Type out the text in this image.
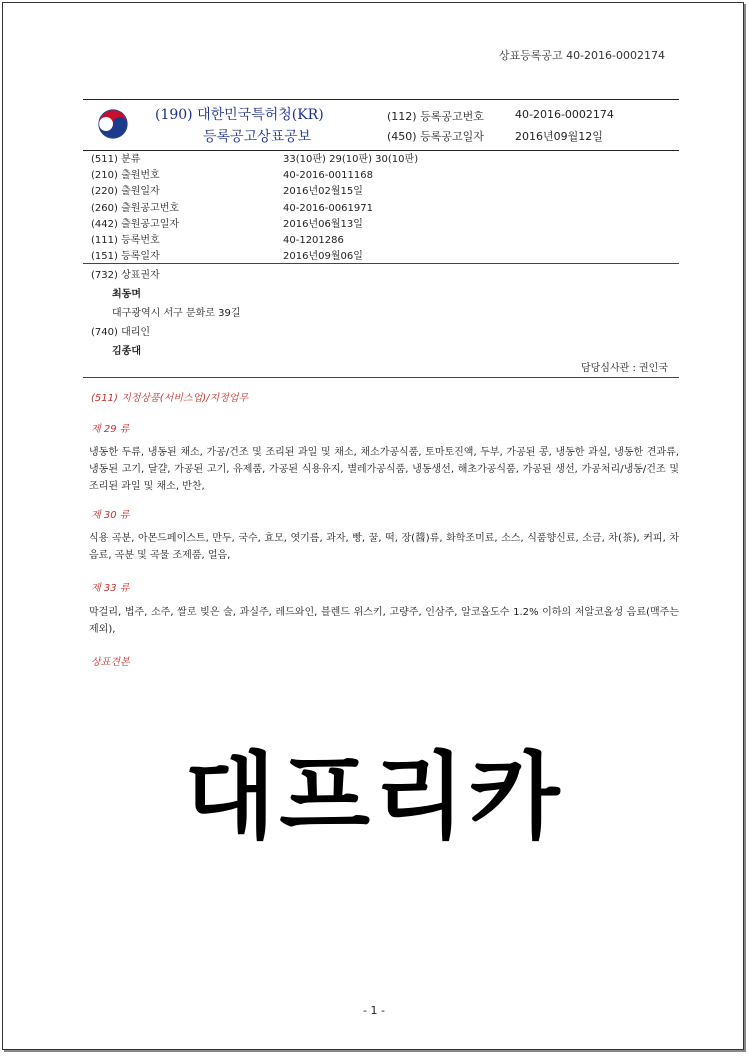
상표등록공고 40-2016-0002174
(190) 대한민국특허청(KR)
등록공고상표공보
(112) 등록공고번호	40-2016-0002174
(450) 등록공고일자	2016년09월12일
(511) 분류	33(10판) 29(10판) 30(10판)
(210) 출원번호	40-2016-0011168
(220) 출원일자	2016년02월15일
(260) 출원공고번호	40-2016-0061971
(442) 출원공고일자	2016년06월13일
(111) 등록번호	40-1201286
(151) 등록일자	2016년09월06일
(732) 상표권자
최동며
대구광역시 서구 문화로 39길
(740) 대리인
김종대
담당심사관 : 권인국
(511) 지정상품(서비스업)/지정업무
제 29 류
냉동한 두류, 냉동된 채소, 가공/건조 및 조리된 과일 및 채소, 채소가공식품, 토마토진액, 두부, 가공된 콩, 냉동한 과실, 냉동한 견과류, 냉동된 고기, 달걀, 가공된 고기, 유제품, 가공된 식용유지, 별레가공식품, 냉동생선, 해초가공식품, 가공된 생선, 가공처리/냉동/건조 및 조리된 과일 및 채소, 반찬,
제 30 류
식용 곡분, 아몬드페이스트, 만두, 국수, 효모, 엿기름, 과자, 빵, 꿀, 떡, 장(醬)류, 화학조미료, 소스, 식품향신료, 소금, 차(茶), 커피, 차음료, 곡분 및 곡물 조제품, 얼음,
제 33 류
막걸리, 법주, 소주, 쌀로 빚은 술, 과실주, 레드와인, 블렌드 위스키, 고량주, 인삼주, 알코올도수 1.2% 이하의 저알코올성 음료(맥주는 제외),
상표견본
대프리카
- 1 -
